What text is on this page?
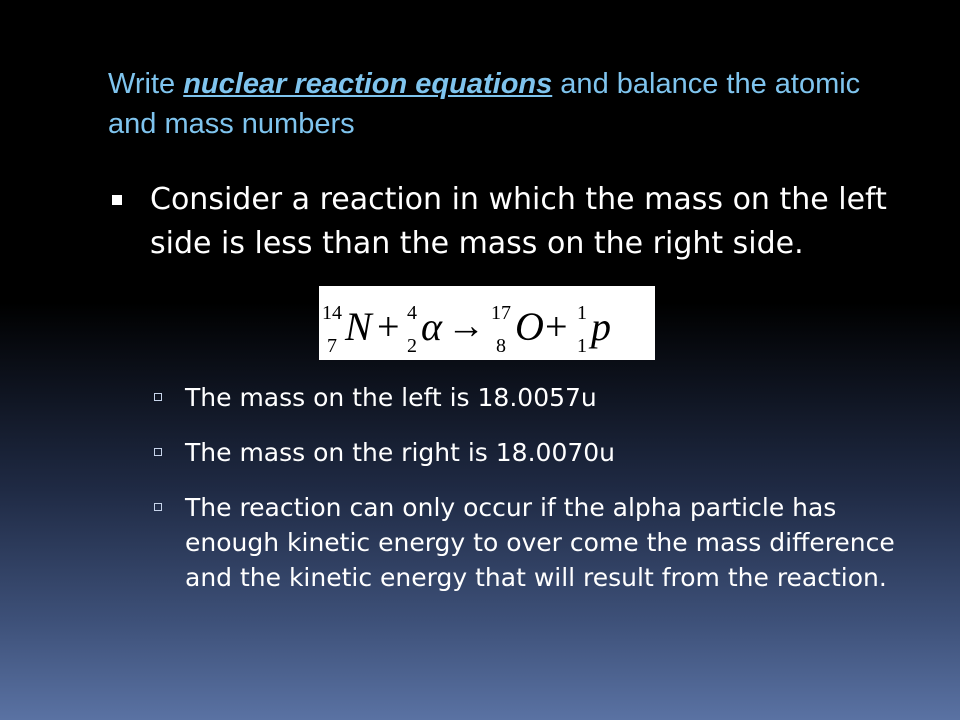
Write nuclear reaction equations and balance the atomic and mass numbers
Consider a reaction in which the mass on the left side is less than the mass on the right side.
14
7 N + 4
2 α → 17
8 O + 1
1 p
The mass on the left is 18.0057u
The mass on the right is 18.0070u
The reaction can only occur if the alpha particle has enough kinetic energy to over come the mass difference and the kinetic energy that will result from the reaction.
